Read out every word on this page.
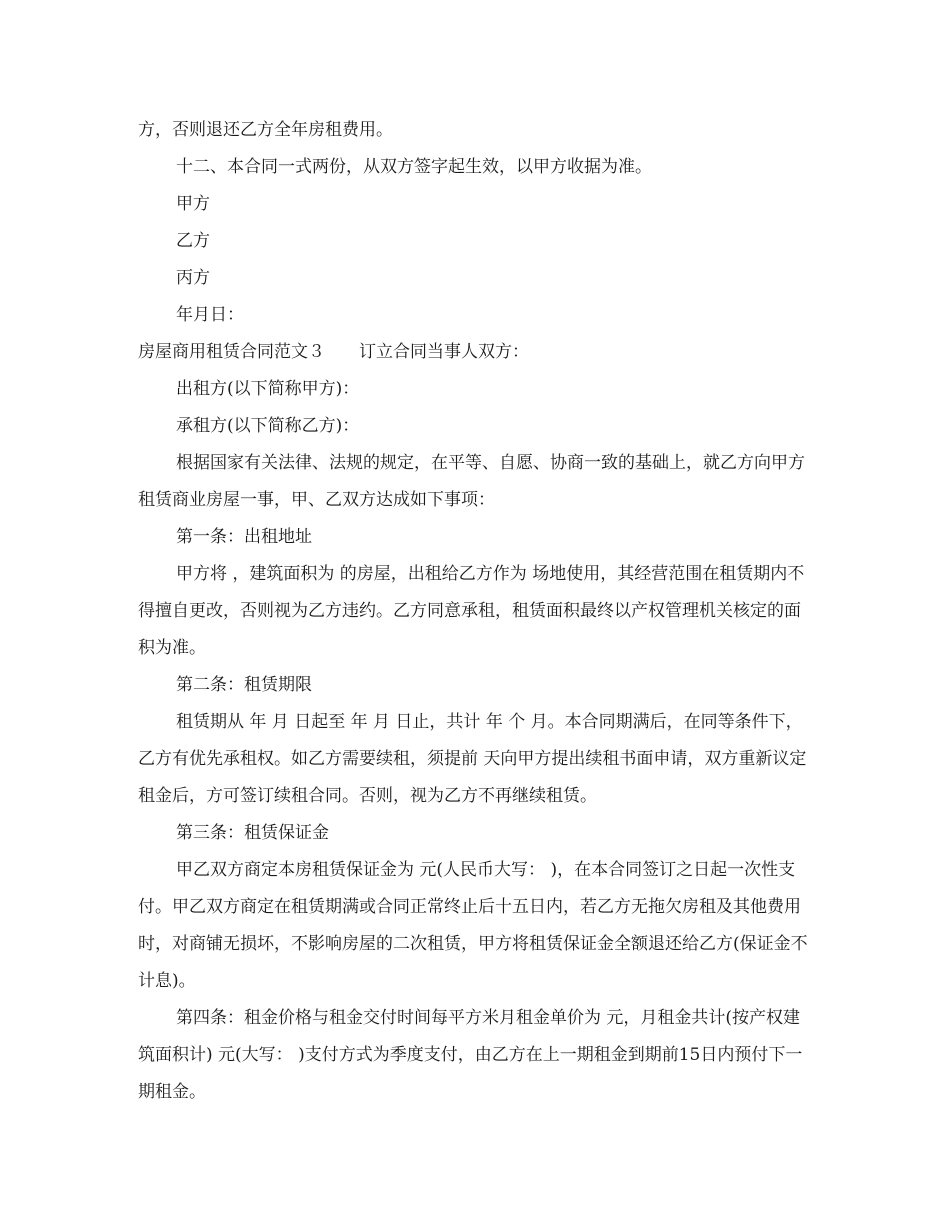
方，否则退还乙方全年房租费用。

十二、本合同一式两份，从双方签字起生效，以甲方收据为准。

甲方

乙方

丙方

年月日：

房屋商用租赁合同范文３ 订立合同当事人双方：

出租方(以下简称甲方)：

承租方(以下简称乙方)：

根据国家有关法律、法规的规定，在平等、自愿、协商一致的基础上，就乙方向甲方租赁商业房屋一事，甲、乙双方达成如下事项：

第一条：出租地址

甲方将 ，建筑面积为 的房屋，出租给乙方作为 场地使用，其经营范围在租赁期内不得擅自更改，否则视为乙方违约。乙方同意承租，租赁面积最终以产权管理机关核定的面积为准。

第二条：租赁期限

租赁期从 年 月 日起至 年 月 日止，共计 年 个 月。本合同期满后，在同等条件下，乙方有优先承租权。如乙方需要续租，须提前 天向甲方提出续租书面申请，双方重新议定租金后，方可签订续租合同。否则，视为乙方不再继续租赁。

第三条：租赁保证金

甲乙双方商定本房租赁保证金为 元(人民币大写： )，在本合同签订之日起一次性支付。甲乙双方商定在租赁期满或合同正常终止后十五日内，若乙方无拖欠房租及其他费用时，对商铺无损坏，不影响房屋的二次租赁，甲方将租赁保证金全额退还给乙方(保证金不计息)。

第四条：租金价格与租金交付时间每平方米月租金单价为 元，月租金共计(按产权建筑面积计) 元(大写： )支付方式为季度支付，由乙方在上一期租金到期前15日内预付下一期租金。
